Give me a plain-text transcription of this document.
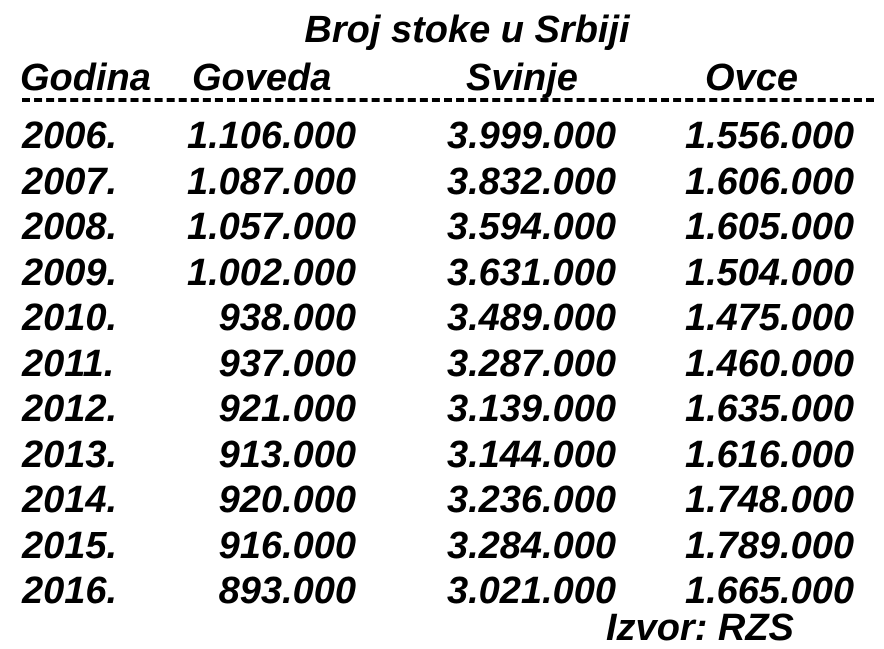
Broj stoke u Srbiji
Godina Goveda	Svinje	Ovce
2006. 1.106.000 3.999.000 1.556.000
2007. 1.087.000 3.832.000 1.606.000
2008. 1.057.000 3.594.000 1.605.000
2009. 1.002.000 3.631.000 1.504.000
2010.	938.000 3.489.000 1.475.000
2011.	937.000 3.287.000 1.460.000
2012.	921.000 3.139.000 1.635.000
2013.	913.000 3.144.000 1.616.000
2014.	920.000 3.236.000 1.748.000
2015.	916.000 3.284.000 1.789.000
2016.	893.000 3.021.000 1.665.000
Izvor: RZS
